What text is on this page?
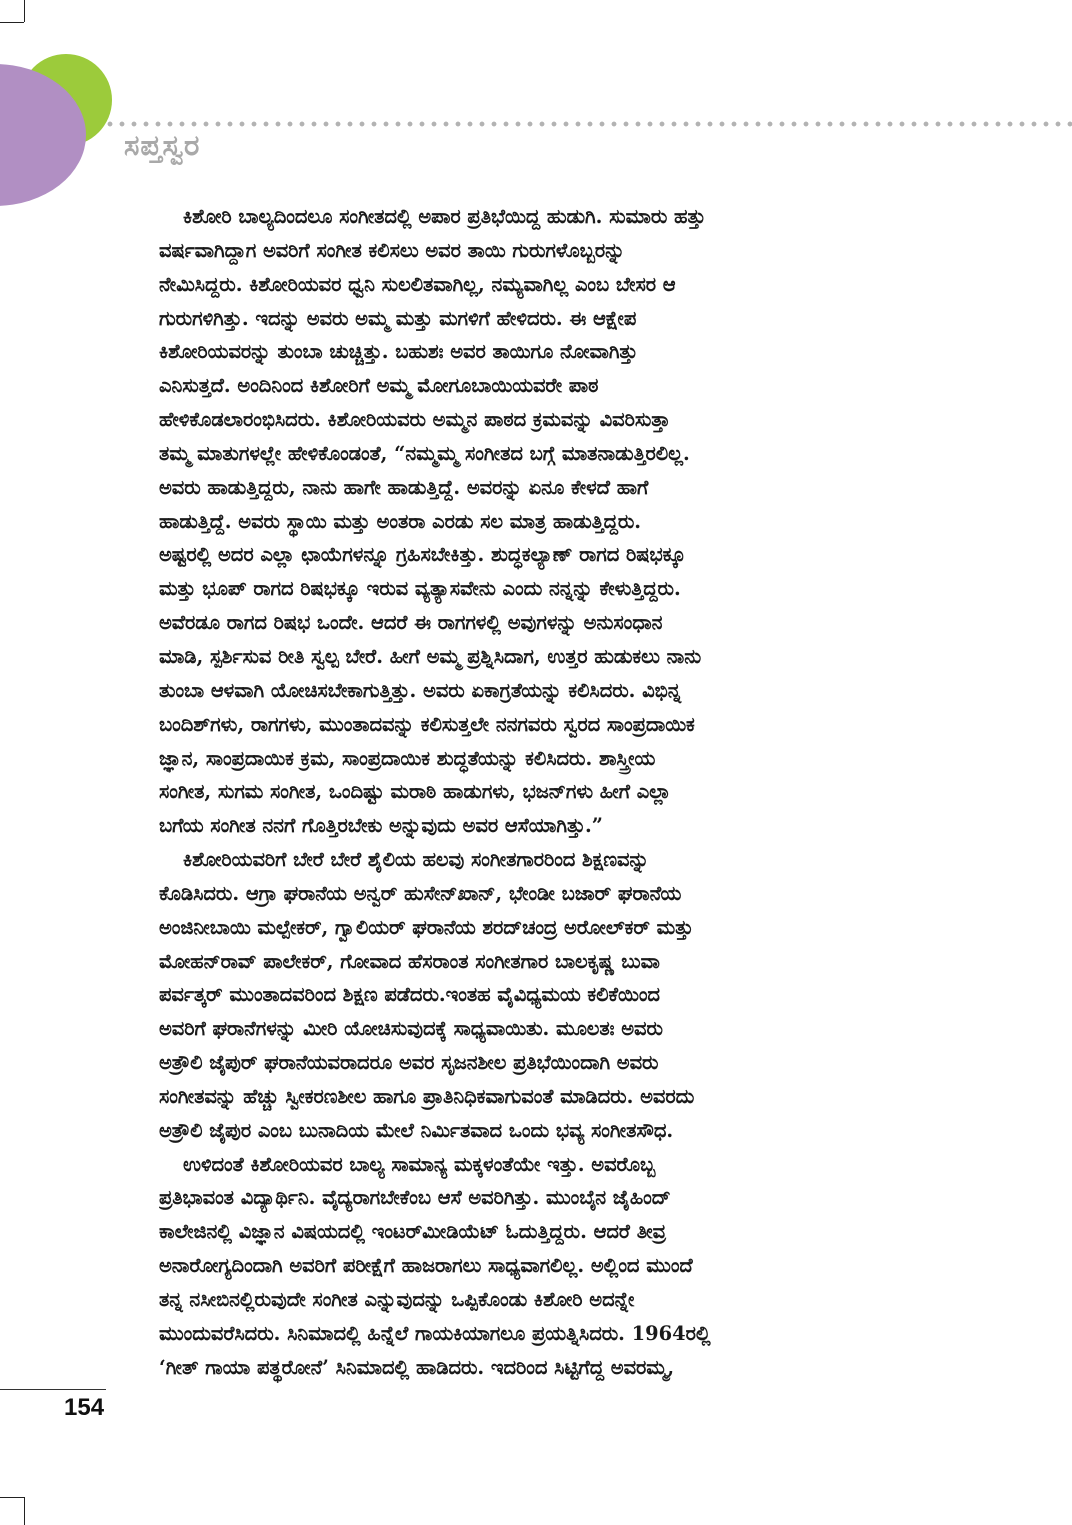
ಸಪ್ತಸ್ವರ
ಕಿಶೋರಿ ಬಾಲ್ಯದಿಂದಲೂ ಸಂಗೀತದಲ್ಲಿ ಅಪಾರ ಪ್ರತಿಭೆಯಿದ್ದ ಹುಡುಗಿ. ಸುಮಾರು ಹತ್ತು
ವರ್ಷವಾಗಿದ್ದಾಗ ಅವರಿಗೆ ಸಂಗೀತ ಕಲಿಸಲು ಅವರ ತಾಯಿ ಗುರುಗಳೊಬ್ಬರನ್ನು
ನೇಮಿಸಿದ್ದರು. ಕಿಶೋರಿಯವರ ಧ್ವನಿ ಸುಲಲಿತವಾಗಿಲ್ಲ, ನಮ್ಯವಾಗಿಲ್ಲ ಎಂಬ ಬೇಸರ ಆ
ಗುರುಗಳಿಗಿತ್ತು. ಇದನ್ನು ಅವರು ಅಮ್ಮ ಮತ್ತು ಮಗಳಿಗೆ ಹೇಳಿದರು. ಈ ಆಕ್ಷೇಪ
ಕಿಶೋರಿಯವರನ್ನು ತುಂಬಾ ಚುಚ್ಚಿತ್ತು. ಬಹುಶಃ ಅವರ ತಾಯಿಗೂ ನೋವಾಗಿತ್ತು
ಎನಿಸುತ್ತದೆ. ಅಂದಿನಿಂದ ಕಿಶೋರಿಗೆ ಅಮ್ಮ ಮೋಗೂಬಾಯಿಯವರೇ ಪಾಠ
ಹೇಳಿಕೊಡಲಾರಂಭಿಸಿದರು. ಕಿಶೋರಿಯವರು ಅಮ್ಮನ ಪಾಠದ ಕ್ರಮವನ್ನು ವಿವರಿಸುತ್ತಾ
ತಮ್ಮ ಮಾತುಗಳಲ್ಲೇ ಹೇಳಿಕೊಂಡಂತೆ, “ನಮ್ಮಮ್ಮ ಸಂಗೀತದ ಬಗ್ಗೆ ಮಾತನಾಡುತ್ತಿರಲಿಲ್ಲ.
ಅವರು ಹಾಡುತ್ತಿದ್ದರು, ನಾನು ಹಾಗೇ ಹಾಡುತ್ತಿದ್ದೆ. ಅವರನ್ನು ಏನೂ ಕೇಳದೆ ಹಾಗೆ
ಹಾಡುತ್ತಿದ್ದೆ. ಅವರು ಸ್ಥಾಯಿ ಮತ್ತು ಅಂತರಾ ಎರಡು ಸಲ ಮಾತ್ರ ಹಾಡುತ್ತಿದ್ದರು.
ಅಷ್ಟರಲ್ಲಿ ಅದರ ಎಲ್ಲಾ ಛಾಯೆಗಳನ್ನೂ ಗ್ರಹಿಸಬೇಕಿತ್ತು. ಶುದ್ಧಕಲ್ಯಾಣ್ ರಾಗದ ರಿಷಭಕ್ಕೂ
ಮತ್ತು ಭೂಪ್ ರಾಗದ ರಿಷಭಕ್ಕೂ ಇರುವ ವ್ಯತ್ಯಾಸವೇನು ಎಂದು ನನ್ನನ್ನು ಕೇಳುತ್ತಿದ್ದರು.
ಅವೆರಡೂ ರಾಗದ ರಿಷಭ ಒಂದೇ. ಆದರೆ ಈ ರಾಗಗಳಲ್ಲಿ ಅವುಗಳನ್ನು ಅನುಸಂಧಾನ
ಮಾಡಿ, ಸ್ಪರ್ಶಿಸುವ ರೀತಿ ಸ್ವಲ್ಪ ಬೇರೆ. ಹೀಗೆ ಅಮ್ಮ ಪ್ರಶ್ನಿಸಿದಾಗ, ಉತ್ತರ ಹುಡುಕಲು ನಾನು
ತುಂಬಾ ಆಳವಾಗಿ ಯೋಚಿಸಬೇಕಾಗುತ್ತಿತ್ತು. ಅವರು ಏಕಾಗ್ರತೆಯನ್ನು ಕಲಿಸಿದರು. ವಿಭಿನ್ನ
ಬಂದಿಶ್‌ಗಳು, ರಾಗಗಳು, ಮುಂತಾದವನ್ನು ಕಲಿಸುತ್ತಲೇ ನನಗವರು ಸ್ವರದ ಸಾಂಪ್ರದಾಯಿಕ
ಜ್ಞಾನ, ಸಾಂಪ್ರದಾಯಿಕ ಕ್ರಮ, ಸಾಂಪ್ರದಾಯಿಕ ಶುದ್ಧತೆಯನ್ನು ಕಲಿಸಿದರು. ಶಾಸ್ತ್ರೀಯ
ಸಂಗೀತ, ಸುಗಮ ಸಂಗೀತ, ಒಂದಿಷ್ಟು ಮರಾಠಿ ಹಾಡುಗಳು, ಭಜನ್‌ಗಳು ಹೀಗೆ ಎಲ್ಲಾ
ಬಗೆಯ ಸಂಗೀತ ನನಗೆ ಗೊತ್ತಿರಬೇಕು ಅನ್ನುವುದು ಅವರ ಆಸೆಯಾಗಿತ್ತು.”
ಕಿಶೋರಿಯವರಿಗೆ ಬೇರೆ ಬೇರೆ ಶೈಲಿಯ ಹಲವು ಸಂಗೀತಗಾರರಿಂದ ಶಿಕ್ಷಣವನ್ನು
ಕೊಡಿಸಿದರು. ಆಗ್ರಾ ಘರಾನೆಯ ಅನ್ವರ್ ಹುಸೇನ್‌ಖಾನ್, ಭೇಂಡೀ ಬಜಾರ್ ಘರಾನೆಯ
ಅಂಜಿನೀಬಾಯಿ ಮಲ್ಪೇಕರ್, ಗ್ವಾಲಿಯರ್ ಘರಾನೆಯ ಶರದ್‌ಚಂದ್ರ ಅರೋಲ್‌ಕರ್ ಮತ್ತು
ಮೋಹನ್‌ರಾವ್ ಪಾಲೇಕರ್, ಗೋವಾದ ಹೆಸರಾಂತ ಸಂಗೀತಗಾರ ಬಾಲಕೃಷ್ಣ ಬುವಾ
ಪರ್ವತ್ಕರ್ ಮುಂತಾದವರಿಂದ ಶಿಕ್ಷಣ ಪಡೆದರು.ಇಂತಹ ವೈವಿಧ್ಯಮಯ ಕಲಿಕೆಯಿಂದ
ಅವರಿಗೆ ಘರಾನೆಗಳನ್ನು ಮೀರಿ ಯೋಚಿಸುವುದಕ್ಕೆ ಸಾಧ್ಯವಾಯಿತು. ಮೂಲತಃ ಅವರು
ಅತ್ರೌಲಿ ಜೈಪುರ್ ಘರಾನೆಯವರಾದರೂ ಅವರ ಸೃಜನಶೀಲ ಪ್ರತಿಭೆಯಿಂದಾಗಿ ಅವರು
ಸಂಗೀತವನ್ನು ಹೆಚ್ಚು ಸ್ವೀಕರಣಶೀಲ ಹಾಗೂ ಪ್ರಾತಿನಿಧಿಕವಾಗುವಂತೆ ಮಾಡಿದರು. ಅವರದು
ಅತ್ರೌಲಿ ಜೈಪುರ ಎಂಬ ಬುನಾದಿಯ ಮೇಲೆ ನಿರ್ಮಿತವಾದ ಒಂದು ಭವ್ಯ ಸಂಗೀತಸೌಧ.
ಉಳಿದಂತೆ ಕಿಶೋರಿಯವರ ಬಾಲ್ಯ ಸಾಮಾನ್ಯ ಮಕ್ಕಳಂತೆಯೇ ಇತ್ತು. ಅವರೊಬ್ಬ
ಪ್ರತಿಭಾವಂತ ವಿದ್ಯಾರ್ಥಿನಿ. ವೈದ್ಯರಾಗಬೇಕೆಂಬ ಆಸೆ ಅವರಿಗಿತ್ತು. ಮುಂಬೈನ ಜೈಹಿಂದ್
ಕಾಲೇಜಿನಲ್ಲಿ ವಿಜ್ಞಾನ ವಿಷಯದಲ್ಲಿ ಇಂಟರ್‌ಮೀಡಿಯೆಟ್ ಓದುತ್ತಿದ್ದರು. ಆದರೆ ತೀವ್ರ
ಅನಾರೋಗ್ಯದಿಂದಾಗಿ ಅವರಿಗೆ ಪರೀಕ್ಷೆಗೆ ಹಾಜರಾಗಲು ಸಾಧ್ಯವಾಗಲಿಲ್ಲ. ಅಲ್ಲಿಂದ ಮುಂದೆ
ತನ್ನ ನಸೀಬಿನಲ್ಲಿರುವುದೇ ಸಂಗೀತ ಎನ್ನುವುದನ್ನು ಒಪ್ಪಿಕೊಂಡು ಕಿಶೋರಿ ಅದನ್ನೇ
ಮುಂದುವರೆಸಿದರು. ಸಿನಿಮಾದಲ್ಲಿ ಹಿನ್ನೆಲೆ ಗಾಯಕಿಯಾಗಲೂ ಪ್ರಯತ್ನಿಸಿದರು. 1964ರಲ್ಲಿ
‘ಗೀತ್ ಗಾಯಾ ಪತ್ಥರೋನೆ’ ಸಿನಿಮಾದಲ್ಲಿ ಹಾಡಿದರು. ಇದರಿಂದ ಸಿಟ್ಟಿಗೆದ್ದ ಅವರಮ್ಮ,
154
